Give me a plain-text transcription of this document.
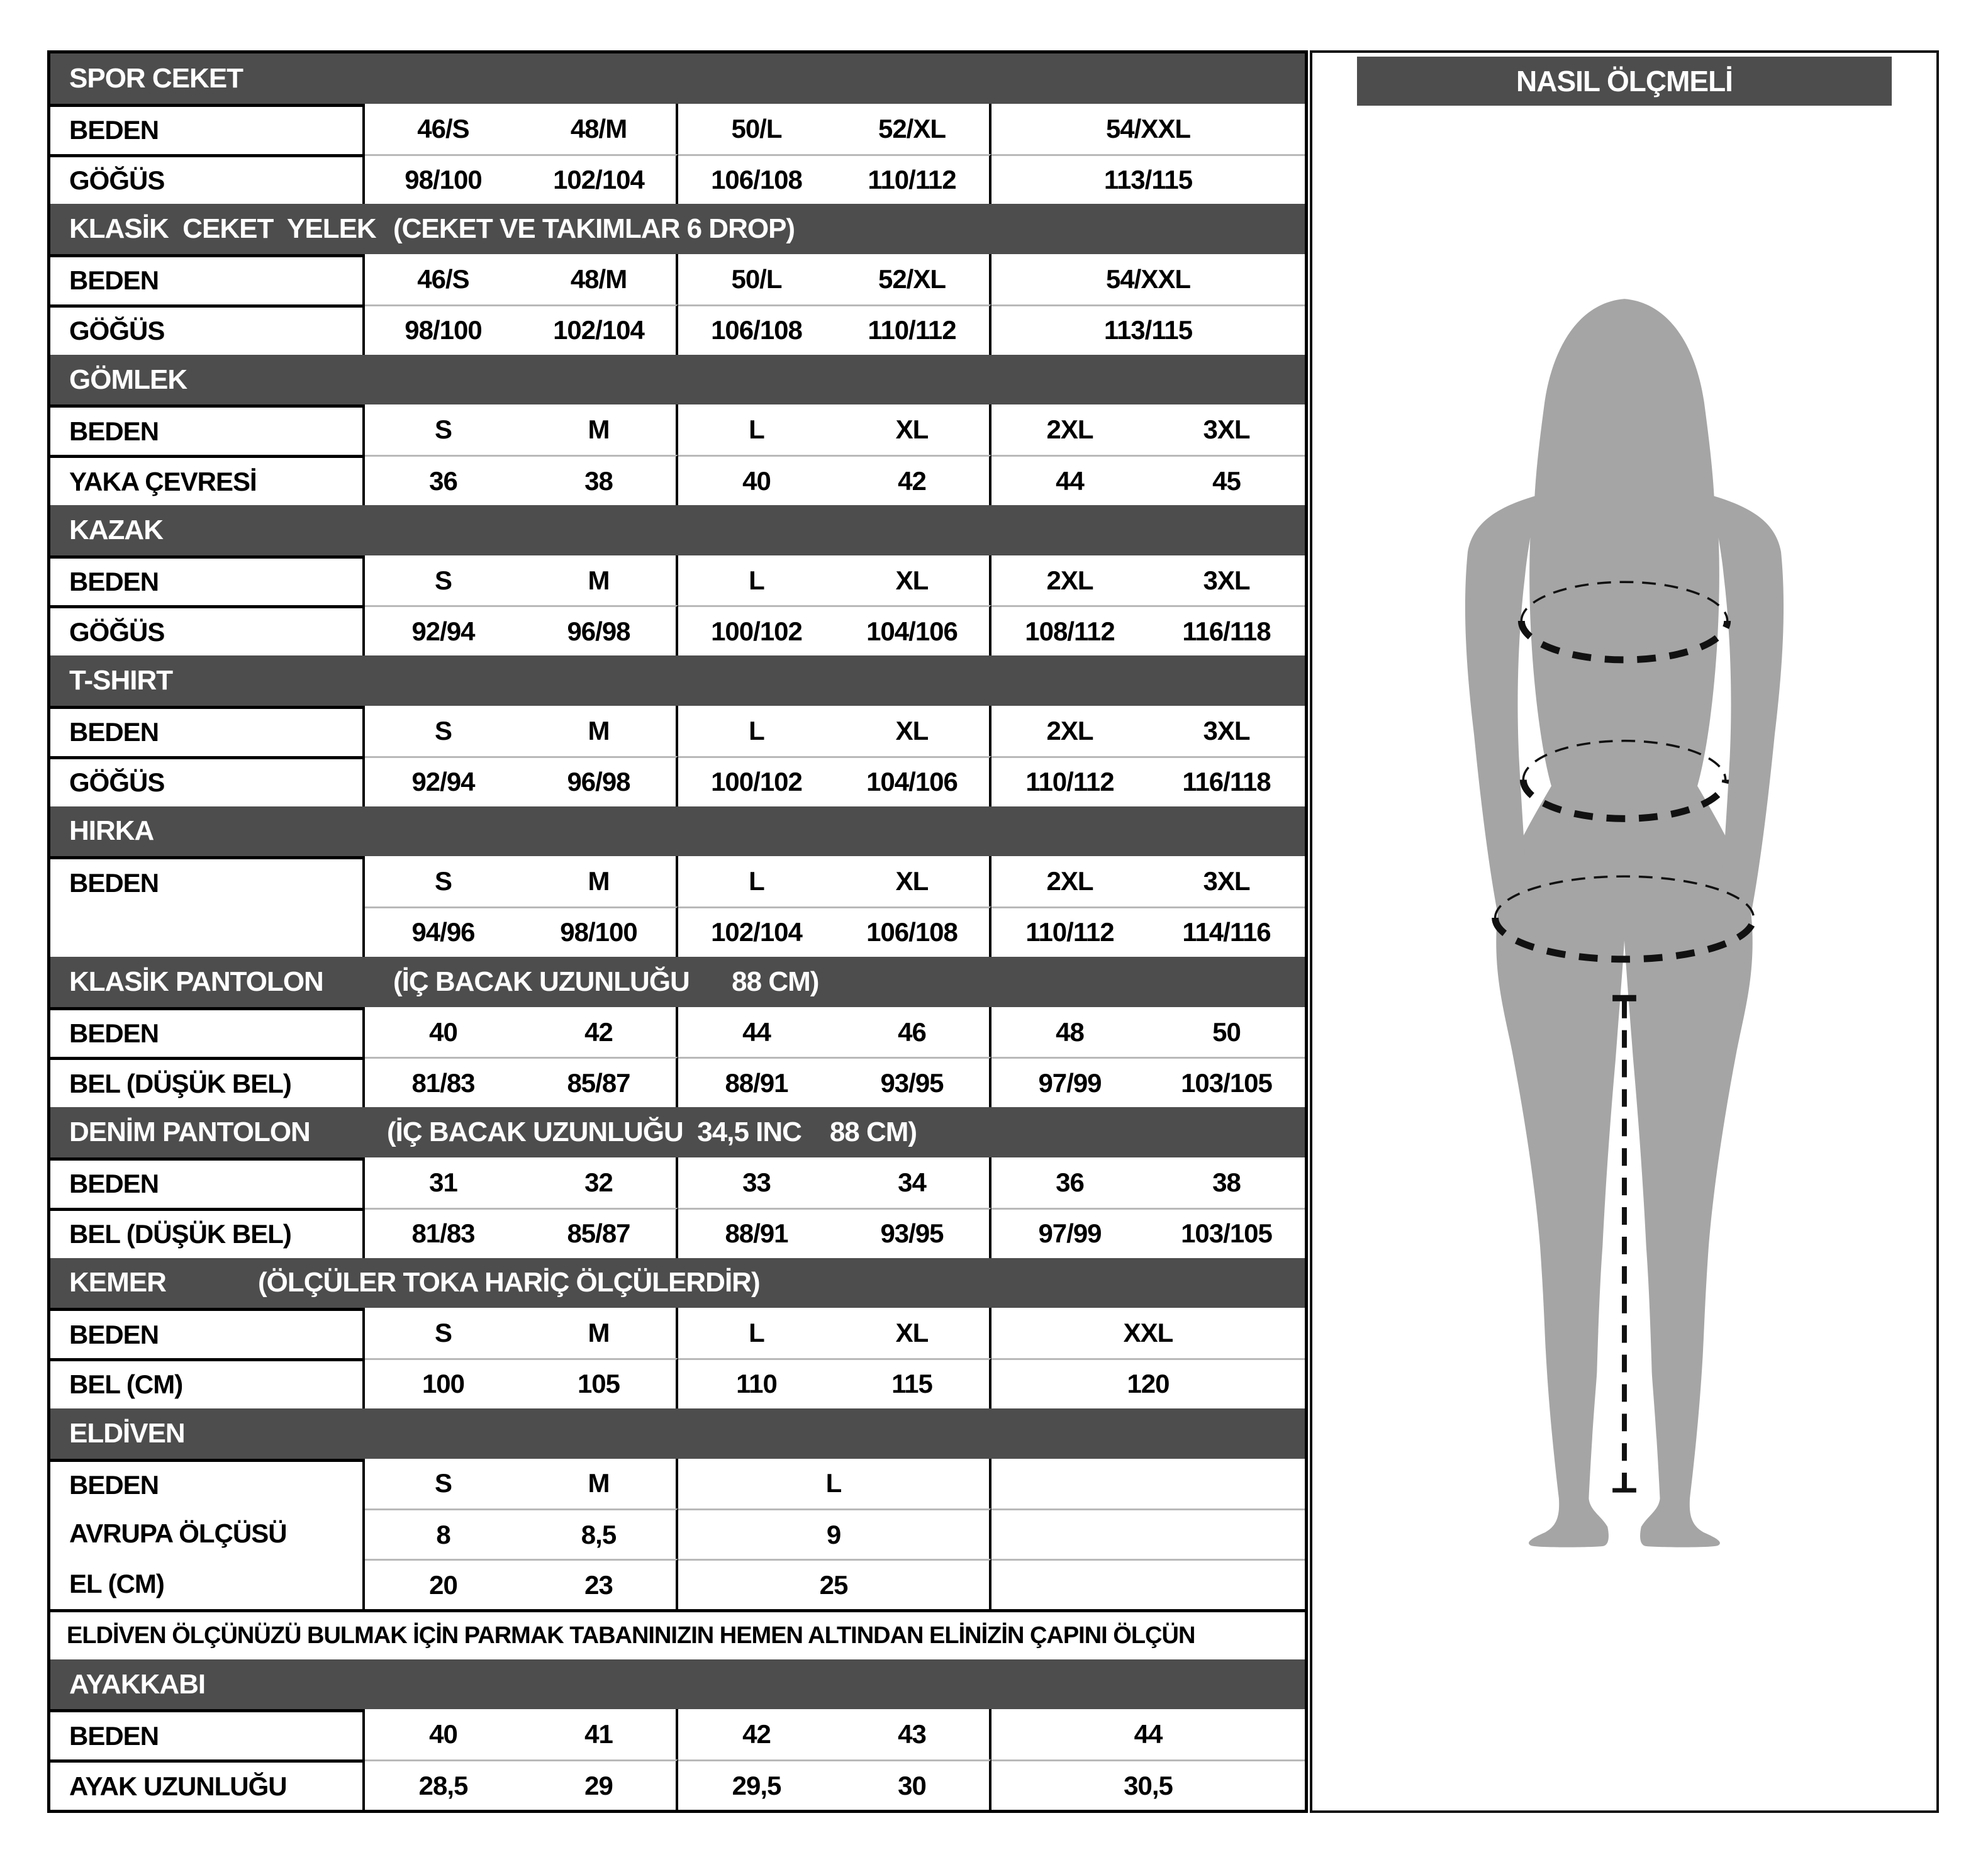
SPOR CEKET
BEDEN	46/S	48/M	50/L	52/XL	54/XXL
GÖĞÜS	98/100	102/104	106/108	110/112	113/115
KLASİK  CEKET  YELEK (CEKET VE TAKIMLAR 6 DROP)
BEDEN	46/S	48/M	50/L	52/XL	54/XXL
GÖĞÜS	98/100	102/104	106/108	110/112	113/115
GÖMLEK
BEDEN	S	M	L	XL	2XL	3XL
YAKA ÇEVRESİ	36	38	40	42	44	45
KAZAK
BEDEN	S	M	L	XL	2XL	3XL
GÖĞÜS	92/94	96/98	100/102	104/106	108/112	116/118
T-SHIRT
BEDEN	S	M	L	XL	2XL	3XL
GÖĞÜS	92/94	96/98	100/102	104/106	110/112	116/118
HIRKA
BEDEN	S	M	L	XL	2XL	3XL
94/96	98/100	102/104	106/108	110/112	114/116
KLASİK PANTOLON	(İÇ BACAK UZUNLUĞU      88 CM)
BEDEN	40	42	44	46	48	50
BEL (DÜŞÜK BEL)	81/83	85/87	88/91	93/95	97/99	103/105
DENİM PANTOLON	(İÇ BACAK UZUNLUĞU  34,5 INC    88 CM)
BEDEN	31	32	33	34	36	38
BEL (DÜŞÜK BEL)	81/83	85/87	88/91	93/95	97/99	103/105
KEMER	(ÖLÇÜLER TOKA HARİÇ ÖLÇÜLERDİR)
BEDEN	S	M	L	XL	XXL
BEL (CM)	100	105	110	115	120
ELDİVEN
BEDEN	S	M	L
AVRUPA ÖLÇÜSÜ	8	8,5	9
EL (CM)	20	23	25
ELDİVEN ÖLÇÜNÜZÜ BULMAK İÇİN PARMAK TABANINIZIN HEMEN ALTINDAN ELİNİZİN ÇAPINI ÖLÇÜN
AYAKKABI
BEDEN	40	41	42	43	44
AYAK UZUNLUĞU	28,5	29	29,5	30	30,5
NASIL ÖLÇMELİ
